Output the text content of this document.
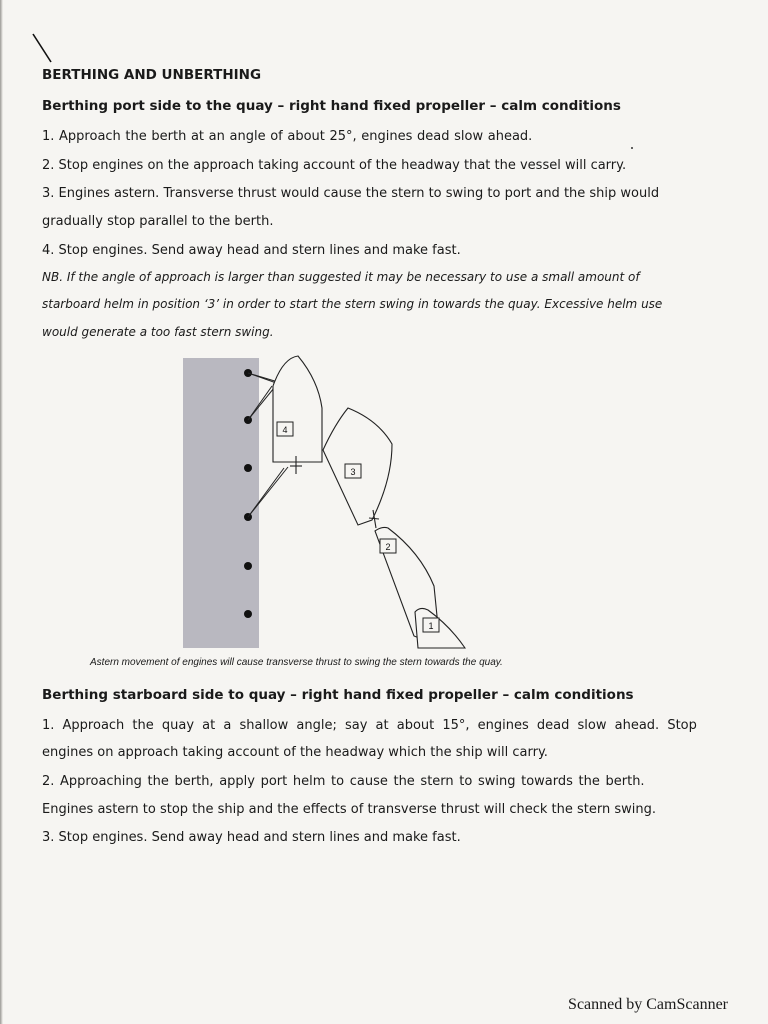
BERTHING AND UNBERTHING
Berthing port side to the quay – right hand fixed propeller – calm conditions
1. Approach the berth at an angle of about 25°, engines dead slow ahead.
2. Stop engines on the approach taking account of the headway that the vessel will carry.
3. Engines astern. Transverse thrust would cause the stern to swing to port and the ship would
gradually stop parallel to the berth.
4. Stop engines. Send away head and stern lines and make fast.
NB. If the angle of approach is larger than suggested it may be necessary to use a small amount of
starboard helm in position ‘3’ in order to start the stern swing in towards the quay. Excessive helm use
would generate a too fast stern swing.
4
3
2
1
Astern movement of engines will cause transverse thrust to swing the stern towards the quay.
Berthing starboard side to quay – right hand fixed propeller – calm conditions
1. Approach the quay at a shallow angle; say at about 15°, engines dead slow ahead. Stop
engines on approach taking account of the headway which the ship will carry.
2. Approaching the berth, apply port helm to cause the stern to swing towards the berth.
Engines astern to stop the ship and the effects of transverse thrust will check the stern swing.
3. Stop engines. Send away head and stern lines and make fast.
Scanned by CamScanner
